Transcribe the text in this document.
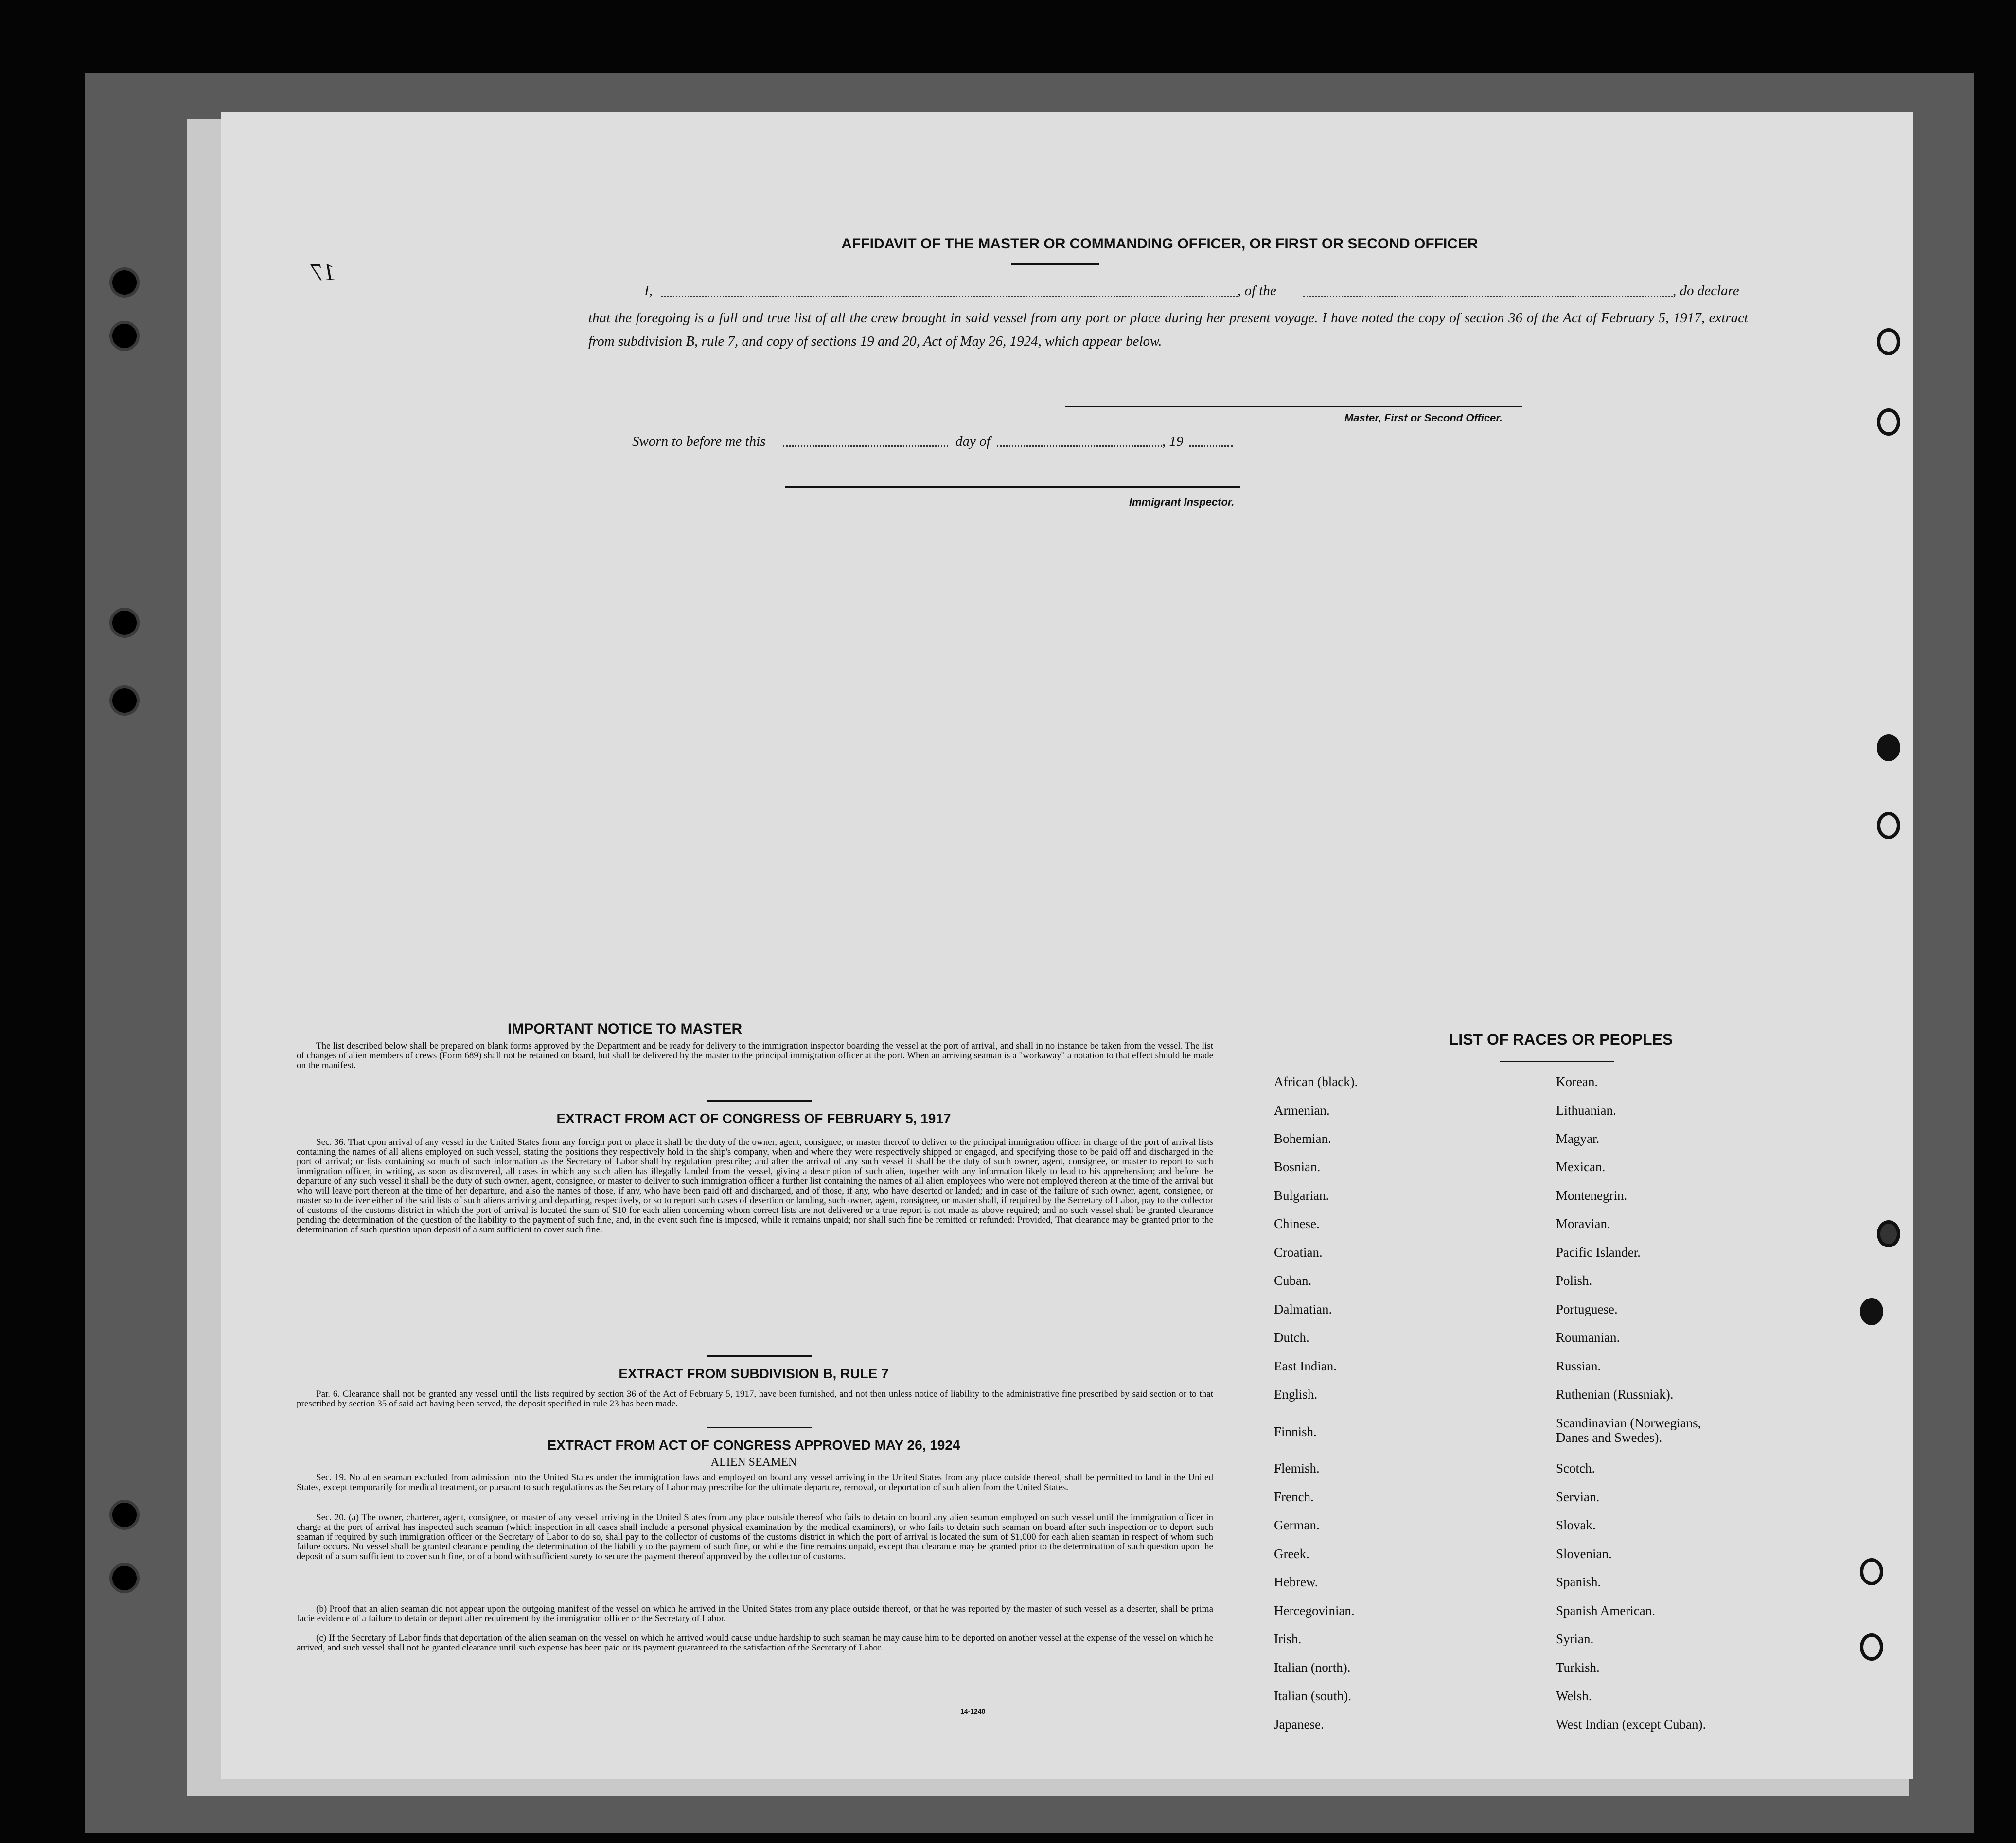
AFFIDAVIT OF THE MASTER OR COMMANDING OFFICER, OR FIRST OR SECOND OFFICER
17
I,	, of the	, do declare
that the foregoing is a full and true list of all the crew brought in said vessel from any port or place during her present voyage. I have noted the copy of section 36 of the Act of February 5, 1917, extract from subdivision B, rule 7, and copy of sections 19 and 20, Act of May 26, 1924, which appear below.
Master, First or Second Officer.
Sworn to before me this	day of	, 19
Immigrant Inspector.
IMPORTANT NOTICE TO MASTER
The list described below shall be prepared on blank forms approved by the Department and be ready for delivery to the immigration inspector boarding the vessel at the port of arrival, and shall in no instance be taken from the vessel. The list of changes of alien members of crews (Form 689) shall not be retained on board, but shall be delivered by the master to the principal immigration officer at the port. When an arriving seaman is a "workaway" a notation to that effect should be made on the manifest.
EXTRACT FROM ACT OF CONGRESS OF FEBRUARY 5, 1917
Sec. 36. That upon arrival of any vessel in the United States from any foreign port or place it shall be the duty of the owner, agent, consignee, or master thereof to deliver to the principal immigration officer in charge of the port of arrival lists containing the names of all aliens employed on such vessel, stating the positions they respectively hold in the ship's company, when and where they were respectively shipped or engaged, and specifying those to be paid off and discharged in the port of arrival; or lists containing so much of such information as the Secretary of Labor shall by regulation prescribe; and after the arrival of any such vessel it shall be the duty of such owner, agent, consignee, or master to report to such immigration officer, in writing, as soon as discovered, all cases in which any such alien has illegally landed from the vessel, giving a description of such alien, together with any information likely to lead to his apprehension; and before the departure of any such vessel it shall be the duty of such owner, agent, consignee, or master to deliver to such immigration officer a further list containing the names of all alien employees who were not employed thereon at the time of the arrival but who will leave port thereon at the time of her departure, and also the names of those, if any, who have been paid off and discharged, and of those, if any, who have deserted or landed; and in case of the failure of such owner, agent, consignee, or master so to deliver either of the said lists of such aliens arriving and departing, respectively, or so to report such cases of desertion or landing, such owner, agent, consignee, or master shall, if required by the Secretary of Labor, pay to the collector of customs of the customs district in which the port of arrival is located the sum of $10 for each alien concerning whom correct lists are not delivered or a true report is not made as above required; and no such vessel shall be granted clearance pending the determination of the question of the liability to the payment of such fine, and, in the event such fine is imposed, while it remains unpaid; nor shall such fine be remitted or refunded: Provided, That clearance may be granted prior to the determination of such question upon deposit of a sum sufficient to cover such fine.
EXTRACT FROM SUBDIVISION B, RULE 7
Par. 6. Clearance shall not be granted any vessel until the lists required by section 36 of the Act of February 5, 1917, have been furnished, and not then unless notice of liability to the administrative fine prescribed by said section or to that prescribed by section 35 of said act having been served, the deposit specified in rule 23 has been made.
EXTRACT FROM ACT OF CONGRESS APPROVED MAY 26, 1924
ALIEN SEAMEN
Sec. 19. No alien seaman excluded from admission into the United States under the immigration laws and employed on board any vessel arriving in the United States from any place outside thereof, shall be permitted to land in the United States, except temporarily for medical treatment, or pursuant to such regulations as the Secretary of Labor may prescribe for the ultimate departure, removal, or deportation of such alien from the United States.
Sec. 20. (a) The owner, charterer, agent, consignee, or master of any vessel arriving in the United States from any place outside thereof who fails to detain on board any alien seaman employed on such vessel until the immigration officer in charge at the port of arrival has inspected such seaman (which inspection in all cases shall include a personal physical examination by the medical examiners), or who fails to detain such seaman on board after such inspection or to deport such seaman if required by such immigration officer or the Secretary of Labor to do so, shall pay to the collector of customs of the customs district in which the port of arrival is located the sum of $1,000 for each alien seaman in respect of whom such failure occurs. No vessel shall be granted clearance pending the determination of the liability to the payment of such fine, or while the fine remains unpaid, except that clearance may be granted prior to the determination of such question upon the deposit of a sum sufficient to cover such fine, or of a bond with sufficient surety to secure the payment thereof approved by the collector of customs.
(b) Proof that an alien seaman did not appear upon the outgoing manifest of the vessel on which he arrived in the United States from any place outside thereof, or that he was reported by the master of such vessel as a deserter, shall be prima facie evidence of a failure to detain or deport after requirement by the immigration officer or the Secretary of Labor.
(c) If the Secretary of Labor finds that deportation of the alien seaman on the vessel on which he arrived would cause undue hardship to such seaman he may cause him to be deported on another vessel at the expense of the vessel on which he arrived, and such vessel shall not be granted clearance until such expense has been paid or its payment guaranteed to the satisfaction of the Secretary of Labor.
14-1240
LIST OF RACES OR PEOPLES
African (black).
Armenian.
Bohemian.
Bosnian.
Bulgarian.
Chinese.
Croatian.
Cuban.
Dalmatian.
Dutch.
East Indian.
English.
Finnish.
Flemish.
French.
German.
Greek.
Hebrew.
Hercegovinian.
Irish.
Italian (north).
Italian (south).
Japanese.
Korean.
Lithuanian.
Magyar.
Mexican.
Montenegrin.
Moravian.
Pacific Islander.
Polish.
Portuguese.
Roumanian.
Russian.
Ruthenian (Russniak).
Scandinavian (Norwegians, Danes and Swedes).
Scotch.
Servian.
Slovak.
Slovenian.
Spanish.
Spanish American.
Syrian.
Turkish.
Welsh.
West Indian (except Cuban).
